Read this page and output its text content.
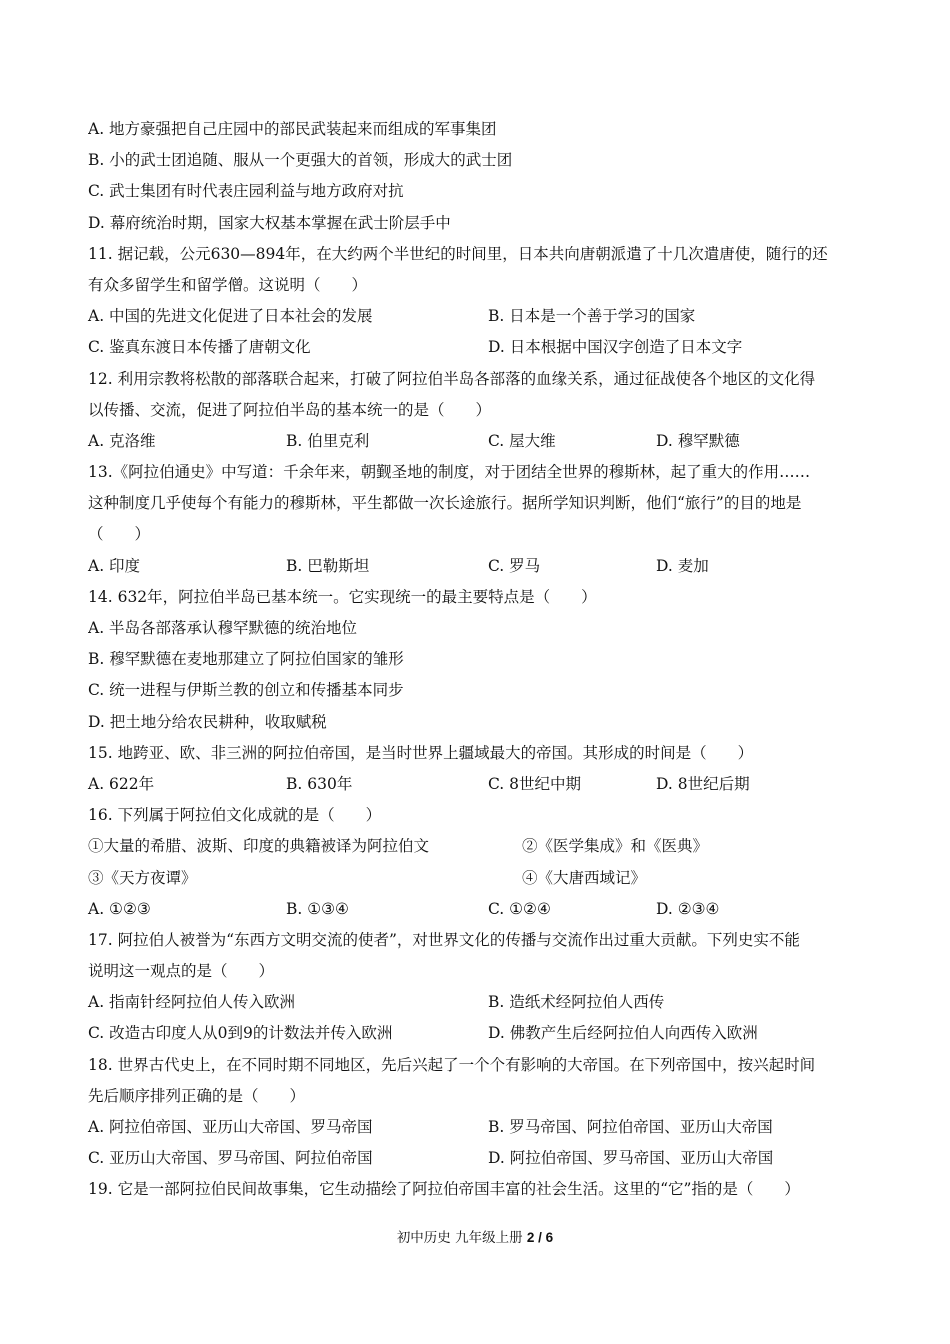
A. 地方豪强把自己庄园中的部民武装起来而组成的军事集团
B. 小的武士团追随、服从一个更强大的首领，形成大的武士团
C. 武士集团有时代表庄园利益与地方政府对抗
D. 幕府统治时期，国家大权基本掌握在武士阶层手中
11. 据记载，公元630—894年，在大约两个半世纪的时间里，日本共向唐朝派遣了十几次遣唐使，随行的还
有众多留学生和留学僧。这说明（　　）
A. 中国的先进文化促进了日本社会的发展	B. 日本是一个善于学习的国家
C. 鉴真东渡日本传播了唐朝文化	D. 日本根据中国汉字创造了日本文字
12. 利用宗教将松散的部落联合起来，打破了阿拉伯半岛各部落的血缘关系，通过征战使各个地区的文化得
以传播、交流，促进了阿拉伯半岛的基本统一的是（　　）
A. 克洛维	B. 伯里克利	C. 屋大维	D. 穆罕默德
13.《阿拉伯通史》中写道：千余年来，朝觐圣地的制度，对于团结全世界的穆斯林，起了重大的作用……
这种制度几乎使每个有能力的穆斯林，平生都做一次长途旅行。据所学知识判断，他们“旅行”的目的地是
（　　）
A. 印度	B. 巴勒斯坦	C. 罗马	D. 麦加
14. 632年，阿拉伯半岛已基本统一。它实现统一的最主要特点是（　　）
A. 半岛各部落承认穆罕默德的统治地位
B. 穆罕默德在麦地那建立了阿拉伯国家的雏形
C. 统一进程与伊斯兰教的创立和传播基本同步
D. 把土地分给农民耕种，收取赋税
15. 地跨亚、欧、非三洲的阿拉伯帝国，是当时世界上疆域最大的帝国。其形成的时间是（　　）
A. 622年	B. 630年	C. 8世纪中期	D. 8世纪后期
16. 下列属于阿拉伯文化成就的是（　　）
①大量的希腊、波斯、印度的典籍被译为阿拉伯文	②《医学集成》和《医典》
③《天方夜谭》	④《大唐西域记》
A. ①②③	B. ①③④	C. ①②④	D. ②③④
17. 阿拉伯人被誉为“东西方文明交流的使者”，对世界文化的传播与交流作出过重大贡献。下列史实不能
说明这一观点的是（　　）
A. 指南针经阿拉伯人传入欧洲	B. 造纸术经阿拉伯人西传
C. 改造古印度人从0到9的计数法并传入欧洲	D. 佛教产生后经阿拉伯人向西传入欧洲
18. 世界古代史上，在不同时期不同地区，先后兴起了一个个有影响的大帝国。在下列帝国中，按兴起时间
先后顺序排列正确的是（　　）
A. 阿拉伯帝国、亚历山大帝国、罗马帝国	B. 罗马帝国、阿拉伯帝国、亚历山大帝国
C. 亚历山大帝国、罗马帝国、阿拉伯帝国	D. 阿拉伯帝国、罗马帝国、亚历山大帝国
19. 它是一部阿拉伯民间故事集，它生动描绘了阿拉伯帝国丰富的社会生活。这里的“它”指的是（　　）
初中历史 九年级上册 2 / 6
